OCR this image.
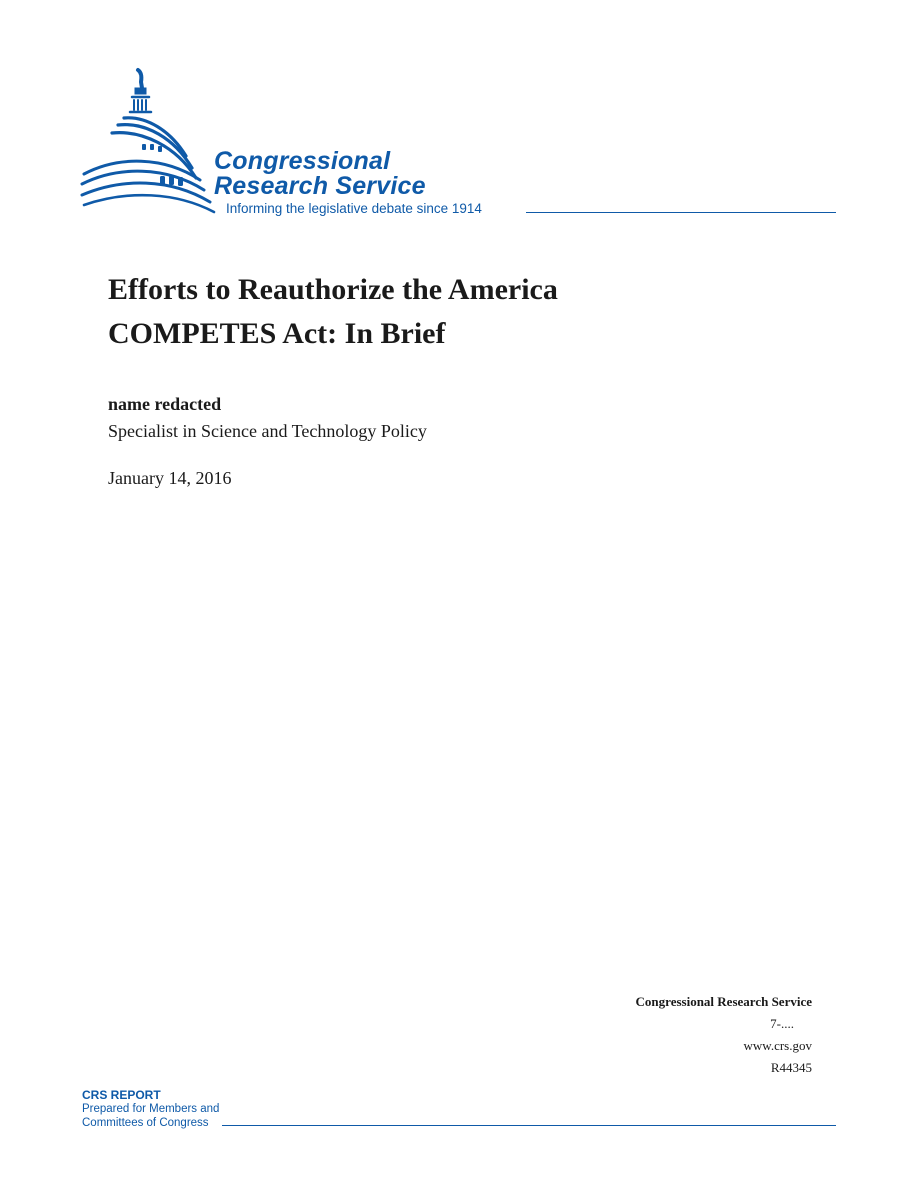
Congressional
Research Service
Informing the legislative debate since 1914
Efforts to Reauthorize the America COMPETES Act: In Brief
name redacted
Specialist in Science and Technology Policy
January 14, 2016
Congressional Research Service
7-....
www.crs.gov
R44345
CRS REPORT
Prepared for Members and
Committees of Congress
